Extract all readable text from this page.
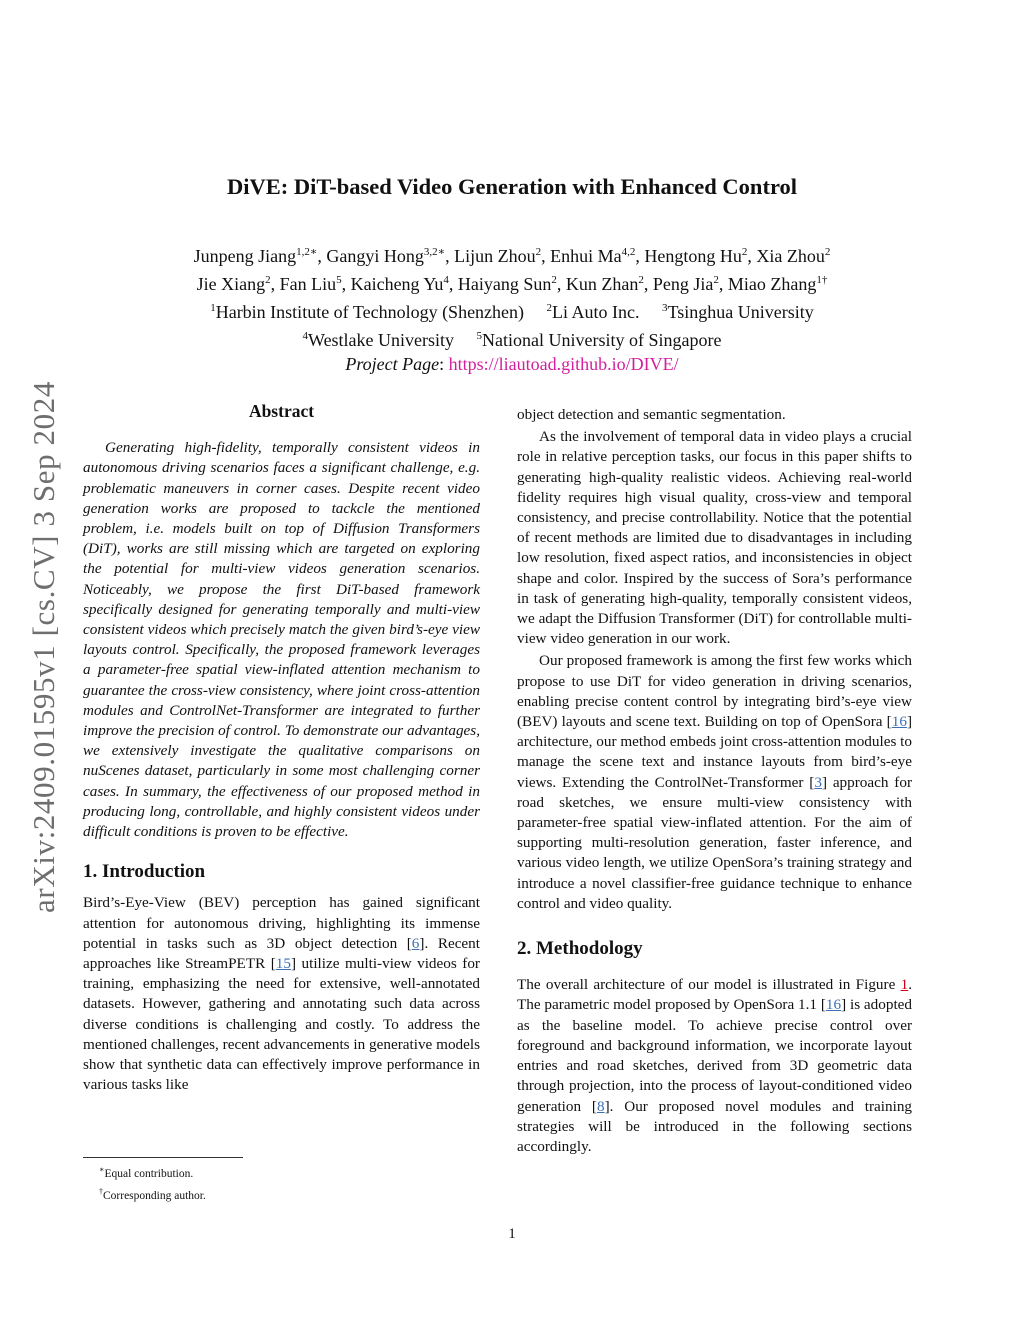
arXiv:2409.01595v1 [cs.CV] 3 Sep 2024
DiVE: DiT-based Video Generation with Enhanced Control
Junpeng Jiang$^{1,2∗}$, Gangyi Hong$^{3,2∗}$, Lijun Zhou$^2$, Enhui Ma$^{4,2}$, Hengtong Hu$^2$, Xia Zhou$^2$
Jie Xiang$^2$, Fan Liu$^5$, Kaicheng Yu$^4$, Haiyang Sun$^2$, Kun Zhan$^2$, Peng Jia$^2$, Miao Zhang$^{1\dagger}$
$^1$Harbin Institute of Technology (Shenzhen) $^2$Li Auto Inc. $^3$Tsinghua University
$^4$Westlake University $^5$National University of Singapore
Project Page: https://liautoad.github.io/DIVE/
Abstract

Generating high-fidelity, temporally consistent videos in autonomous driving scenarios faces a significant challenge, e.g. problematic maneuvers in corner cases. Despite recent video generation works are proposed to tackcle the mentioned problem, i.e. models built on top of Diffusion Transformers (DiT), works are still missing which are targeted on exploring the potential for multi-view videos generation scenarios. Noticeably, we propose the first DiT-based framework specifically designed for generating temporally and multi-view consistent videos which precisely match the given bird’s-eye view layouts control. Specifically, the proposed framework leverages a parameter-free spatial view-inflated attention mechanism to guarantee the cross-view consistency, where joint cross-attention modules and ControlNet-Transformer are integrated to further improve the precision of control. To demonstrate our advantages, we extensively investigate the qualitative comparisons on nuScenes dataset, particularly in some most challenging corner cases. In summary, the effectiveness of our proposed method in producing long, controllable, and highly consistent videos under difficult conditions is proven to be effective.

1. Introduction

Bird’s-Eye-View (BEV) perception has gained significant attention for autonomous driving, highlighting its immense potential in tasks such as 3D object detection [6]. Recent approaches like StreamPETR [15] utilize multi-view videos for training, emphasizing the need for extensive, well-annotated datasets. However, gathering and annotating such data across diverse conditions is challenging and costly. To address the mentioned challenges, recent advancements in generative models show that synthetic data can effectively improve performance in various tasks like

∗Equal contribution.

†Corresponding author.

object detection and semantic segmentation.

As the involvement of temporal data in video plays a crucial role in relative perception tasks, our focus in this paper shifts to generating high-quality realistic videos. Achieving real-world fidelity requires high visual quality, cross-view and temporal consistency, and precise controllability. Notice that the potential of recent methods are limited due to disadvantages in including low resolution, fixed aspect ratios, and inconsistencies in object shape and color. Inspired by the success of Sora’s performance in task of generating high-quality, temporally consistent videos, we adapt the Diffusion Transformer (DiT) for controllable multi-view video generation in our work.

Our proposed framework is among the first few works which propose to use DiT for video generation in driving scenarios, enabling precise content control by integrating bird’s-eye view (BEV) layouts and scene text. Building on top of OpenSora [16] architecture, our method embeds joint cross-attention modules to manage the scene text and instance layouts from bird’s-eye views. Extending the ControlNet-Transformer [3] approach for road sketches, we ensure multi-view consistency with parameter-free spatial view-inflated attention. For the aim of supporting multi-resolution generation, faster inference, and various video length, we utilize OpenSora’s training strategy and introduce a novel classifier-free guidance technique to enhance control and video quality.

2. Methodology

The overall architecture of our model is illustrated in Figure 1. The parametric model proposed by OpenSora 1.1 [16] is adopted as the baseline model. To achieve precise control over foreground and background information, we incorporate layout entries and road sketches, derived from 3D geometric data through projection, into the process of layout-conditioned video generation [8]. Our proposed novel modules and training strategies will be introduced in the following sections accordingly.

1
